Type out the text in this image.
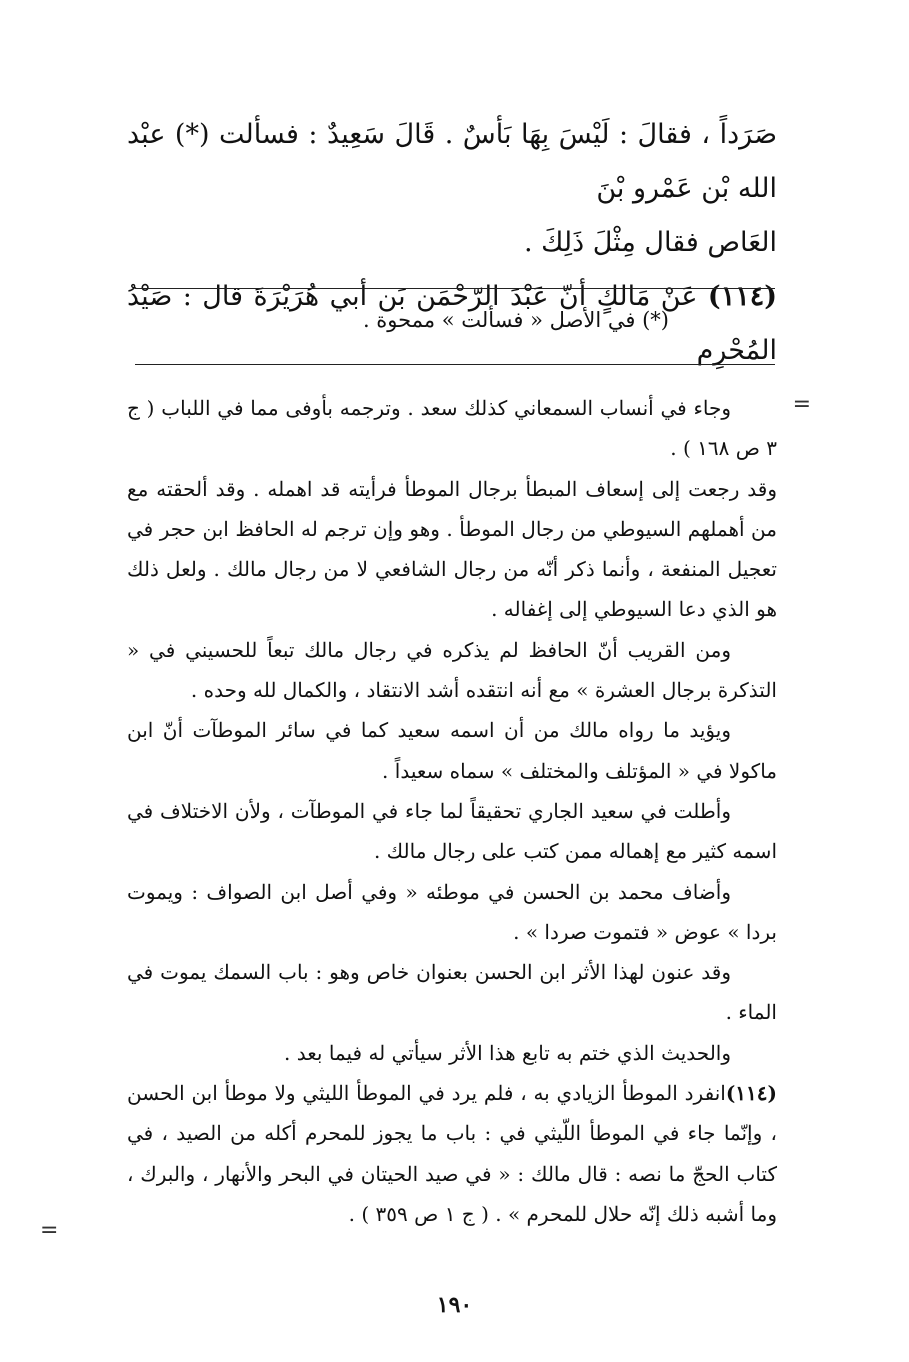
صَرَداً ، فقالَ : لَيْسَ بِهَا بَأسٌ . قَالَ سَعِيدٌ : فسألت (*) عبْد الله بْن عَمْرو بْنَ

العَاص فقال مِثْلَ ذَلِكَ .

(١١٤) عَنْ مَالكٍ أنّ عَبْدَ الرّحْمَن بَن أبي هُرَيْرَةَ قال : صَيْدُ المُحْرِم

(*) في الأصل « فسألت » ممحوة .
=

وجاء في أنساب السمعاني كذلك سعد . وترجمه بأوفى مما في اللباب ( ج ٣ ص ١٦٨ ) .

وقد رجعت إلى إسعاف المبطأ برجال الموطأ فرأيته قد اهمله . وقد ألحقته مع من أهملهم السيوطي من رجال الموطأ . وهو وإن ترجم له الحافظ ابن حجر في تعجيل المنفعة ، وأنما ذكر أنّه من رجال الشافعي لا من رجال مالك . ولعل ذلك هو الذي دعا السيوطي إلى إغفاله .

ومن القريب أنّ الحافظ لم يذكره في رجال مالك تبعاً للحسيني في « التذكرة برجال العشرة » مع أنه انتقده أشد الانتقاد ، والكمال لله وحده .

ويؤيد ما رواه مالك من أن اسمه سعيد كما في سائر الموطآت أنّ ابن ماكولا في « المؤتلف والمختلف » سماه سعيداً .

وأطلت في سعيد الجاري تحقيقاً لما جاء في الموطآت ، ولأن الاختلاف في اسمه كثير مع إهماله ممن كتب على رجال مالك .

وأضاف محمد بن الحسن في موطئه « وفي أصل ابن الصواف : ويموت بردا » عوض « فتموت صردا » .

وقد عنون لهذا الأثر ابن الحسن بعنوان خاص وهو : باب السمك يموت في الماء .

والحديث الذي ختم به تابع هذا الأثر سيأتي له فيما بعد .

(١١٤)انفرد الموطأ الزيادي به ، فلم يرد في الموطأ الليثي ولا موطأ ابن الحسن ، وإنّما جاء في الموطأ اللّيثي في : باب ما يجوز للمحرم أكله من الصيد ، في كتاب الحجّ ما نصه : قال مالك : « في صيد الحيتان في البحر والأنهار ، والبرك ، وما أشبه ذلك إنّه حلال للمحرم » . ( ج ١ ص ٣٥٩ ) .

=
١٩٠
